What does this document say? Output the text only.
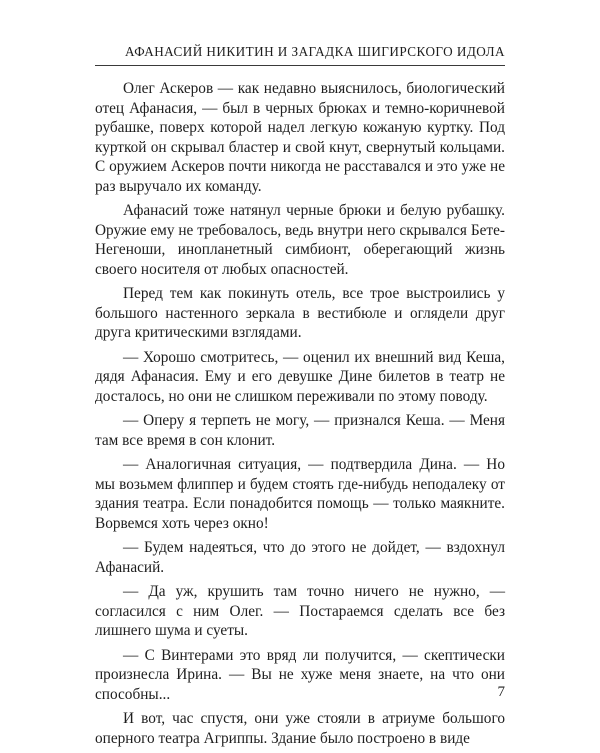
АФАНАСИЙ НИКИТИН И ЗАГАДКА ШИГИРСКОГО ИДОЛА

Олег Аскеров — как недавно выяснилось, биологический отец Афанасия, — был в черных брюках и темно-коричневой рубашке, поверх которой надел легкую кожаную куртку. Под курткой он скрывал бластер и свой кнут, свернутый кольцами. С оружием Аскеров почти никогда не расставался и это уже не раз выручало их команду.

Афанасий тоже натянул черные брюки и белую рубашку. Оружие ему не требовалось, ведь внутри него скрывался Бете-Негеноши, инопланетный симбионт, оберегающий жизнь своего носителя от любых опасностей.

Перед тем как покинуть отель, все трое выстроились у большого настенного зеркала в вестибюле и оглядели друг друга критическими взглядами.

— Хорошо смотритесь, — оценил их внешний вид Кеша, дядя Афанасия. Ему и его девушке Дине билетов в театр не досталось, но они не слишком переживали по этому поводу.

— Оперу я терпеть не могу, — признался Кеша. — Меня там все время в сон клонит.

— Аналогичная ситуация, — подтвердила Дина. — Но мы возьмем флиппер и будем стоять где-нибудь неподалеку от здания театра. Если понадобится помощь — только маякните. Ворвемся хоть через окно!

— Будем надеяться, что до этого не дойдет, — вздохнул Афанасий.

— Да уж, крушить там точно ничего не нужно, — согласился с ним Олег. — Постараемся сделать все без лишнего шума и суеты.

— С Винтерами это вряд ли получится, — скептически произнесла Ирина. — Вы не хуже меня знаете, на что они способны...

И вот, час спустя, они уже стояли в атриуме большого оперного театра Агриппы. Здание было построено в виде

7
